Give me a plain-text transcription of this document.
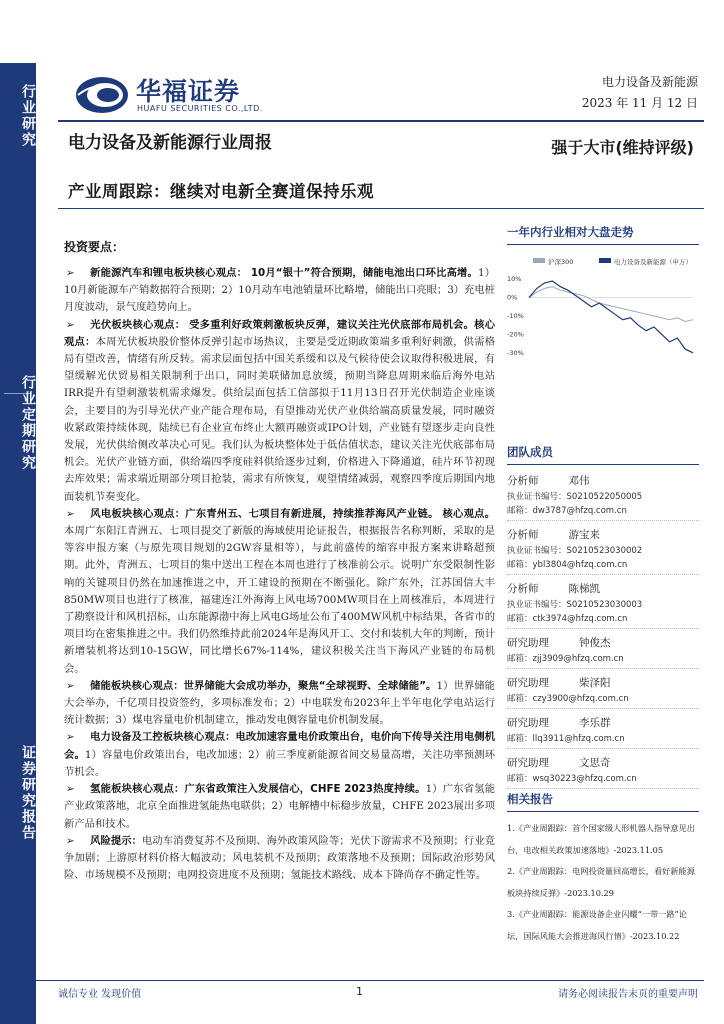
行业研究
行业定期研究
证券研究报告
华福证券
HUAFU SECURITIES CO.,LTD.
电力设备及新能源
2023 年 11 月 12 日
电力设备及新能源行业周报	强于大市(维持评级)
产业周跟踪：继续对电新全赛道保持乐观
投资要点：
➢ 新能源汽车和锂电板块核心观点： 10月“银十”符合预期，储能电池出口环比高增。1）10月新能源车产销数据符合预期；2）10月动车电池销量环比略增，储能出口亮眼；3）充电桩月度波动，景气度趋势向上。
➢ 光伏板块核心观点： 受多重利好政策刺激板块反弹，建议关注光伏底部布局机会。核心观点：本周光伏板块股价整体反弹引起市场热议，主要是受近期政策端多重利好刺激，供需格局有望改善，情绪有所反转。需求层面包括中国关系缓和以及气候待使会议取得积极进展，有望缓解光伏贸易相关限制利于出口，同时美联储加息放缓，预期当降息周期来临后海外电站IRR提升有望刺激装机需求爆发。供给层面包括工信部拟于11月13日召开光伏制造企业座谈会，主要目的为引导光伏产业产能合理布局，有望推动光伏产业供给端高质量发展，同时融资收紧政策持续体现，陆续已有企业宣布终止大额再融资或IPO计划，产业链有望逐步走向良性发展，光伏供给侧改革决心可见。我们认为板块整体处于低估值状态，建议关注光伏底部布局机会。光伏产业链方面，供给端四季度硅料供给逐步过剩，价格进入下降通道，硅片环节初现去库效果；需求端近期部分项目抢装，需求有所恢复，观望情绪减弱，观察四季度后期国内地面装机节奏变化。
➢ 风电板块核心观点：广东青州五、七项目有新进展，持续推荐海风产业链。 核心观点。本周广东阳江青洲五、七项目提交了新版的海域使用论证报告，根据报告名称判断，采取的是等容申报方案（与原先项目规划的2GW容量相等），与此前盛传的缩容申报方案来讲略超预期。此外，青洲五、七项目的集中送出工程在本周也进行了核准前公示。说明广东受限制性影响的关键项目仍然在加速推进之中，开工建设的预期在不断强化。除广东外，江苏国信大丰850MW项目也进行了核准，福建连江外海海上风电场700MW项目在上周核准后，本周进行了勘察设计和风机招标，山东能源渤中海上风电G场址公布了400MW风机中标结果，各省市的项目均在密集推进之中。我们仍然维持此前2024年是海风开工、交付和装机大年的判断，预计新增装机将达到10-15GW，同比增长67%-114%，建议积极关注当下海风产业链的布局机会。
➢ 储能板块核心观点：世界储能大会成功举办，聚焦“全球视野、全球储能”。1）世界储能大会举办，千亿项目投资签约，多项标准发布；2）中电联发布2023年上半年电化学电站运行统计数据；3）煤电容量电价机制建立，推动发电侧容量电价机制发展。
➢ 电力设备及工控板块核心观点：电改加速容量电价政策出台，电价向下传导关注用电侧机会。1）容量电价政策出台，电改加速；2）前三季度新能源省间交易量高增，关注功率预测环节机会。
➢ 氢能板块核心观点：广东省政策注入发展信心，CHFE 2023热度持续。1）广东省氢能产业政策落地，北京全面推进氢能热电联供；2）电解槽中标稳步放量，CHFE 2023展出多项新产品和技术。
➢ 风险提示：电动车消费复苏不及预期、海外政策风险等；光伏下游需求不及预期；行业竞争加剧；上游原材料价格大幅波动；风电装机不及预期；政策落地不及预期；国际政治形势风险、市场规模不及预期；电网投资进度不及预期；氢能技术路线、成本下降尚存不确定性等。
一年内行业相对大盘走势
沪深300	电力设备及新能源（申万）
10%
0%
-10%
-20%
-30%
团队成员
分析师	邓伟
执业证书编号：S0210522050005
邮箱：dw3787@hfzq.com.cn
分析师	游宝来
执业证书编号：S0210523030002
邮箱：ybl3804@hfzq.com.cn
分析师	陈梯凯
执业证书编号：S0210523030003
邮箱：ctk3974@hfzq.com.cn
研究助理	钟俊杰
邮箱：zjj3909@hfzq.com.cn
研究助理	柴泽阳
邮箱：czy3900@hfzq.com.cn
研究助理	李乐群
邮箱：llq3911@hfzq.com.cn
研究助理	文思奇
邮箱：wsq30223@hfzq.com.cn
相关报告
1.《产业周跟踪：首个国家级人形机器人指导意见出台，电改相关政策加速落地》-2023.11.05
2.《产业周跟踪：电网投资量回高增长，看好新能源板块持续反弹》-2023.10.29
3.《产业周跟踪：能源设备企业闪耀“一带一路”论坛，国际风能大会推进海风行情》-2023.10.22
诚信专业 发现价值	1	请务必阅读报告末页的重要声明
